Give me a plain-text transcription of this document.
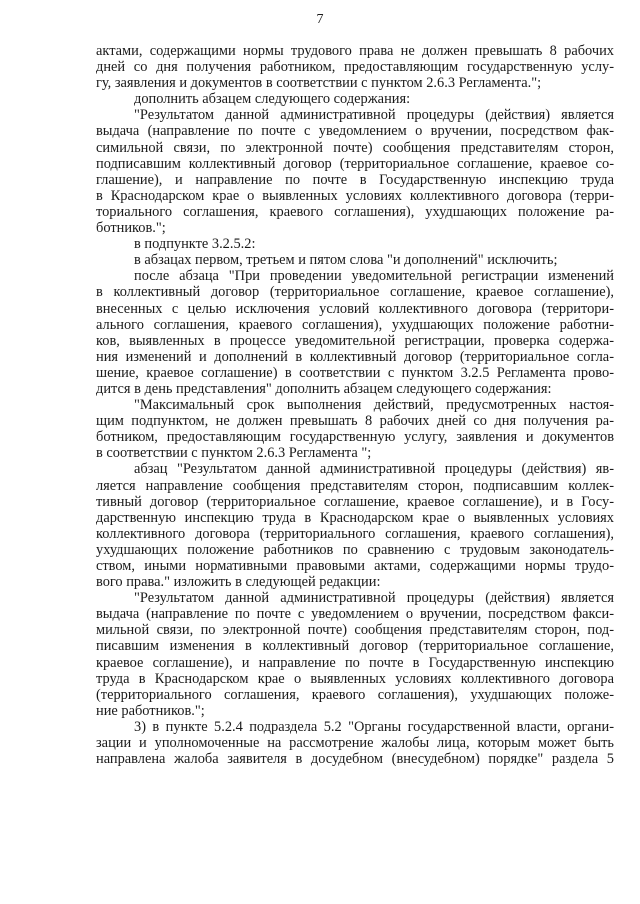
7
актами, содержащими нормы трудового права не должен превышать 8 рабочих
дней со дня получения работником, предоставляющим государственную услу-
гу, заявления и документов в соответствии с пунктом 2.6.3 Регламента.";
дополнить абзацем следующего содержания:
"Результатом данной административной процедуры (действия) является
выдача (направление по почте с уведомлением о вручении, посредством фак-
симильной связи, по электронной почте) сообщения представителям сторон,
подписавшим коллективный договор (территориальное соглашение, краевое со-
глашение), и направление по почте в Государственную инспекцию труда
в Краснодарском крае о выявленных условиях коллективного договора (терри-
ториального соглашения, краевого соглашения), ухудшающих положение ра-
ботников.";
в подпункте 3.2.5.2:
в абзацах первом, третьем и пятом слова "и дополнений" исключить;
после абзаца "При проведении уведомительной регистрации изменений
в коллективный договор (территориальное соглашение, краевое соглашение),
внесенных с целью исключения условий коллективного договора (территори-
ального соглашения, краевого соглашения), ухудшающих положение работни-
ков, выявленных в процессе уведомительной регистрации, проверка содержа-
ния изменений и дополнений в коллективный договор (территориальное согла-
шение, краевое соглашение) в соответствии с пунктом 3.2.5 Регламента прово-
дится в день представления" дополнить абзацем следующего содержания:
"Максимальный срок выполнения действий, предусмотренных настоя-
щим подпунктом, не должен превышать 8 рабочих дней со дня получения ра-
ботником, предоставляющим государственную услугу, заявления и документов
в соответствии с пунктом 2.6.3 Регламента ";
абзац "Результатом данной административной процедуры (действия) яв-
ляется направление сообщения представителям сторон, подписавшим коллек-
тивный договор (территориальное соглашение, краевое соглашение), и в Госу-
дарственную инспекцию труда в Краснодарском крае о выявленных условиях
коллективного договора (территориального соглашения, краевого соглашения),
ухудшающих положение работников по сравнению с трудовым законодатель-
ством, иными нормативными правовыми актами, содержащими нормы трудо-
вого права." изложить в следующей редакции:
"Результатом данной административной процедуры (действия) является
выдача (направление по почте с уведомлением о вручении, посредством факси-
мильной связи, по электронной почте) сообщения представителям сторон, под-
писавшим изменения в коллективный договор (территориальное соглашение,
краевое соглашение), и направление по почте в Государственную инспекцию
труда в Краснодарском крае о выявленных условиях коллективного договора
(территориального соглашения, краевого соглашения), ухудшающих положе-
ние работников.";
3) в пункте 5.2.4 подраздела 5.2 "Органы государственной власти, органи-
зации и уполномоченные на рассмотрение жалобы лица, которым может быть
направлена жалоба заявителя в досудебном (внесудебном) порядке" раздела 5
